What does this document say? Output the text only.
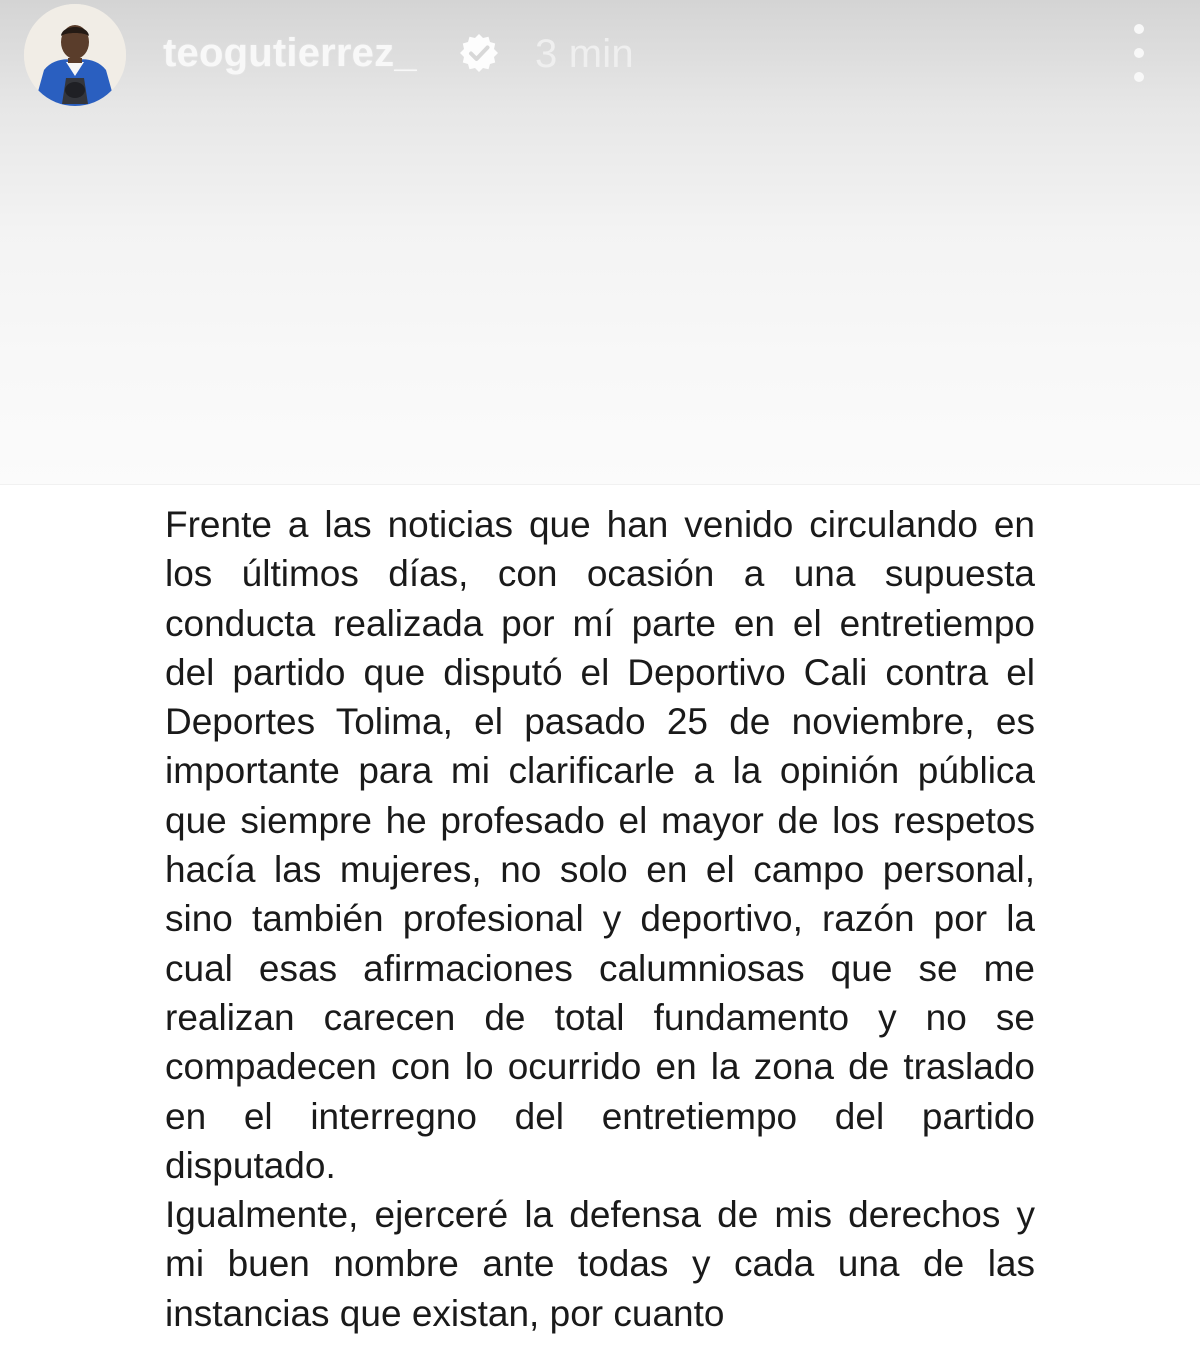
teogutierrez_	3 min

Frente a las noticias que han venido circulando en los últimos días, con ocasión a una supuesta conducta realizada por mí parte en el entretiempo del partido que disputó el Deportivo Cali contra el Deportes Tolima, el pasado 25 de noviembre, es importante para mi clarificarle a la opinión pública que siempre he profesado el mayor de los respetos hacía las mujeres, no solo en el campo personal, sino también profesional y deportivo, razón por la cual esas afirmaciones calumniosas que se me realizan carecen de total fundamento y no se compadecen con lo ocurrido en la zona de traslado en el interregno del entretiempo del partido disputado.

Igualmente, ejerceré la defensa de mis derechos y mi buen nombre ante todas y cada una de las instancias que existan, por cuanto
